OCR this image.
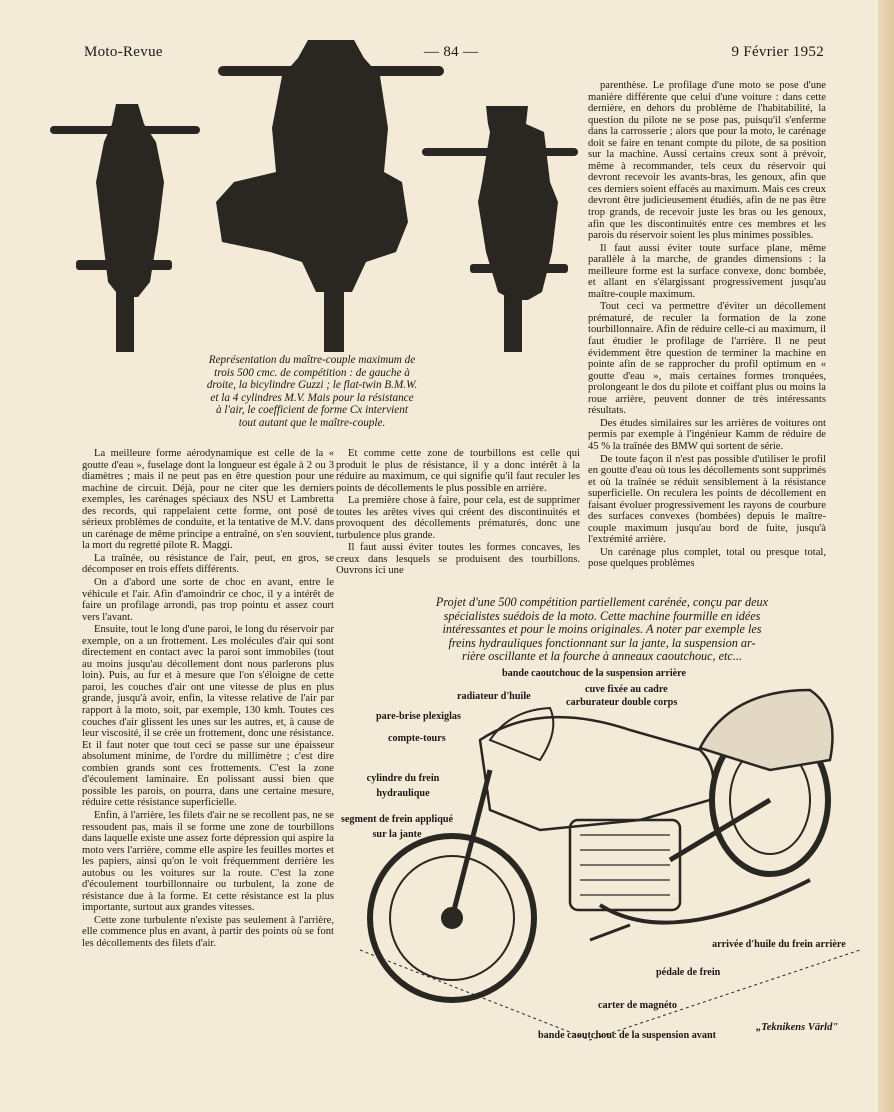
Moto-Revue	— 84 —	9 Février 1952

Représentation du maître-couple maximum de

trois 500 cmc. de compétition : de gauche à

droite, la bicylindre Guzzi ; le flat-twin B.M.W.

et la 4 cylindres M.V. Mais pour la résistance

à l'air, le coefficient de forme Cx intervient

tout autant que le maître-couple.

La meilleure forme aérodynamique est celle de la « goutte d'eau », fuselage dont la longueur est égale à 2 ou 3 diamètres ; mais il ne peut pas en être question pour une machine de circuit. Déjà, pour ne citer que les derniers exemples, les carénages spéciaux des NSU et Lambretta des records, qui rappelaient cette forme, ont posé de sérieux problèmes de conduite, et la tentative de M.V. dans un carénage de même principe a entraîné, on s'en souvient, la mort du regretté pilote R. Maggi.

La traînée, ou résistance de l'air, peut, en gros, se décomposer en trois effets différents.

On a d'abord une sorte de choc en avant, entre le véhicule et l'air. Afin d'amoindrir ce choc, il y a intérêt de faire un profilage arrondi, pas trop pointu et assez court vers l'avant.

Ensuite, tout le long d'une paroi, le long du réservoir par exemple, on a un frottement. Les molécules d'air qui sont directement en contact avec la paroi sont immobiles (tout au moins jusqu'au décollement dont nous parlerons plus loin). Puis, au fur et à mesure que l'on s'éloigne de cette paroi, les couches d'air ont une vitesse de plus en plus grande, jusqu'à avoir, enfin, la vitesse relative de l'air par rapport à la moto, soit, par exemple, 130 kmh. Toutes ces couches d'air glissent les unes sur les autres, et, à cause de leur viscosité, il se crée un frottement, donc une résistance. Et il faut noter que tout ceci se passe sur une épaisseur absolument minime, de l'ordre du millimètre ; c'est dire combien grands sont ces frottements. C'est la zone d'écoulement laminaire. En polissant aussi bien que possible les parois, on pourra, dans une certaine mesure, réduire cette résistance superficielle.

Enfin, à l'arrière, les filets d'air ne se recollent pas, ne se ressoudent pas, mais il se forme une zone de tourbillons dans laquelle existe une assez forte dépression qui aspire la moto vers l'arrière, comme elle aspire les feuilles mortes et les papiers, ainsi qu'on le voit fréquemment derrière les autobus ou les voitures sur la route. C'est la zone d'écoulement tourbillonnaire ou turbulent, la zone de résistance due à la forme. Et cette résistance est la plus importante, surtout aux grandes vitesses.

Cette zone turbulente n'existe pas seulement à l'arrière, elle commence plus en avant, à partir des points où se font les décollements des filets d'air.

Et comme cette zone de tourbillons est celle qui produit le plus de résistance, il y a donc intérêt à la réduire au maximum, ce qui signifie qu'il faut reculer les points de décollements le plus possible en arrière.

La première chose à faire, pour cela, est de supprimer toutes les arêtes vives qui créent des discontinuités et provoquent des décollements prématurés, donc une turbulence plus grande.

Il faut aussi éviter toutes les formes concaves, les creux dans lesquels se produisent des tourbillons. Ouvrons ici une

parenthèse. Le profilage d'une moto se pose d'une manière différente que celui d'une voiture : dans cette dernière, en dehors du problème de l'habitabilité, la question du pilote ne se pose pas, puisqu'il s'enferme dans la carrosserie ; alors que pour la moto, le carénage doit se faire en tenant compte du pilote, de sa position sur la machine. Aussi certains creux sont à prévoir, même à recommander, tels ceux du réservoir qui devront recevoir les avants-bras, les genoux, afin que ces derniers soient effacés au maximum. Mais ces creux devront être judicieusement étudiés, afin de ne pas être trop grands, de recevoir juste les bras ou les genoux, afin que les discontinuités entre ces membres et les parois du réservoir soient les plus minimes possibles.

Il faut aussi éviter toute surface plane, même parallèle à la marche, de grandes dimensions : la meilleure forme est la surface convexe, donc bombée, et allant en s'élargissant progressivement jusqu'au maître-couple maximum.

Tout ceci va permettre d'éviter un décollement prématuré, de reculer la formation de la zone tourbillonnaire. Afin de réduire celle-ci au maximum, il faut étudier le profilage de l'arrière. Il ne peut évidemment être question de terminer la machine en pointe afin de se rapprocher du profil optimum en « goutte d'eau », mais certaines formes tronquées, prolongeant le dos du pilote et coiffant plus ou moins la roue arrière, peuvent donner de très intéressants résultats.

Des études similaires sur les arrières de voitures ont permis par exemple à l'ingénieur Kamm de réduire de 45 % la traînée des BMW qui sortent de série.

De toute façon il n'est pas possible d'utiliser le profil en goutte d'eau où tous les décollements sont supprimés et où la traînée se réduit sensiblement à la résistance superficielle. On reculera les points de décollement en faisant évoluer progressivement les rayons de courbure des surfaces convexes (bombées) depuis le maître-couple maximum jusqu'au bord de fuite, jusqu'à l'extrémité arrière.

Un carénage plus complet, total ou presque total, pose quelques problèmes

Projet d'une 500 compétition partiellement carénée, conçu par deux

spécialistes suédois de la moto. Cette machine fourmille en idées

intéressantes et pour le moins originales. A noter par exemple les

freins hydrauliques fonctionnant sur la jante, la suspension ar-

rière oscillante et la fourche à anneaux caoutchouc, etc...

bande caoutchouc de la suspension arrière
cuve fixée au cadre
radiateur d'huile
carburateur double corps
pare-brise plexiglas
compte-tours
cylindre du frein hydraulique
segment de frein appliqué sur la jante
arrivée d'huile du frein arrière
pédale de frein
carter de magnéto
bande caoutchouc de la suspension avant
„Teknikens Värld"
